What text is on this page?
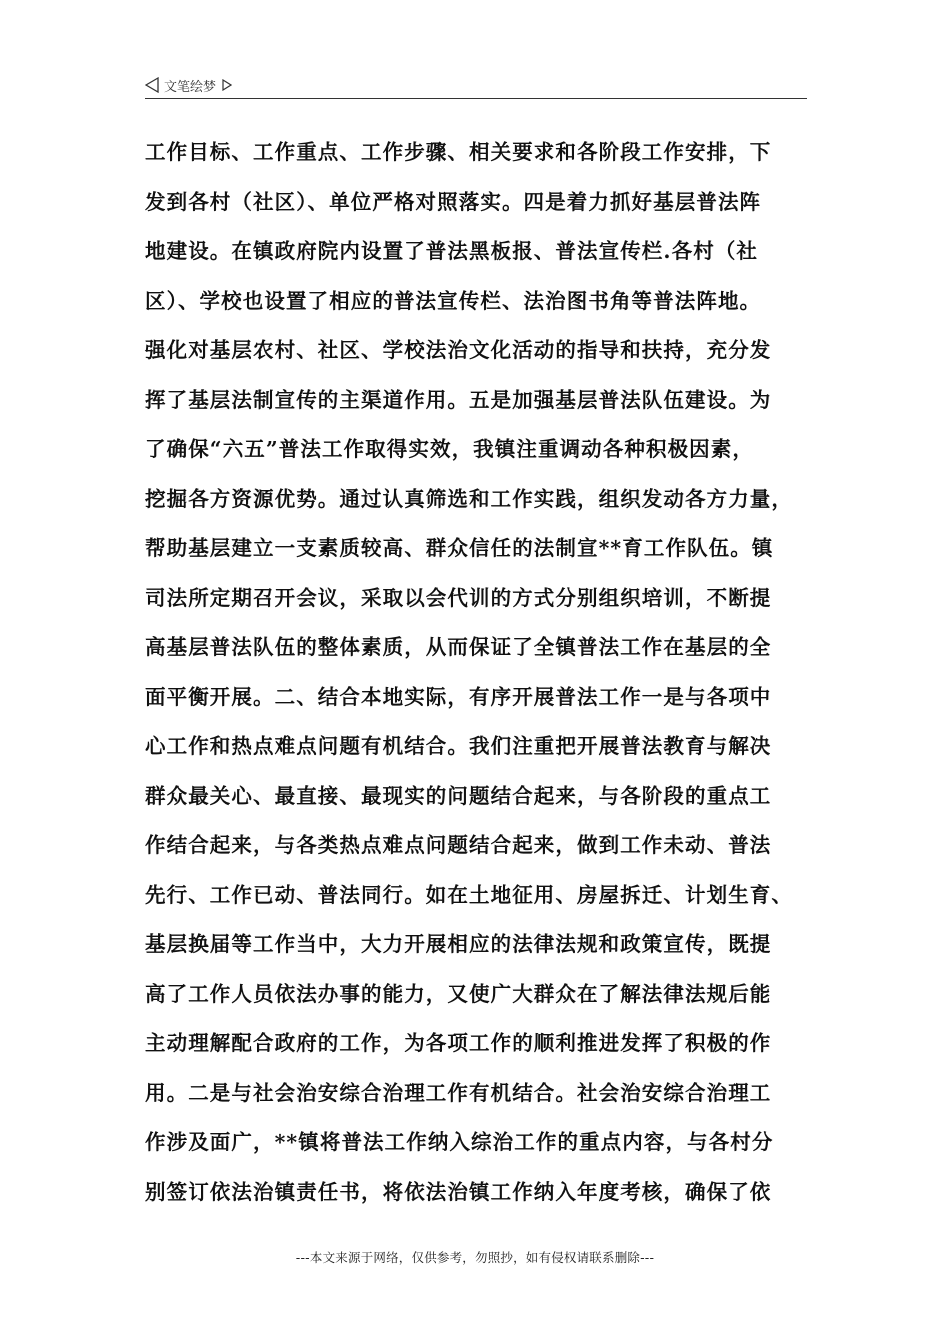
文笔绘梦
工作目标、工作重点、工作步骤、相关要求和各阶段工作安排，下
发到各村（社区）、单位严格对照落实。四是着力抓好基层普法阵
地建设。在镇政府院内设置了普法黑板报、普法宣传栏.各村（社
区）、学校也设置了相应的普法宣传栏、法治图书角等普法阵地。
强化对基层农村、社区、学校法治文化活动的指导和扶持，充分发
挥了基层法制宣传的主渠道作用。五是加强基层普法队伍建设。为
了确保“六五”普法工作取得实效，我镇注重调动各种积极因素，
挖掘各方资源优势。通过认真筛选和工作实践，组织发动各方力量，
帮助基层建立一支素质较高、群众信任的法制宣**育工作队伍。镇
司法所定期召开会议，采取以会代训的方式分别组织培训，不断提
高基层普法队伍的整体素质，从而保证了全镇普法工作在基层的全
面平衡开展。二、结合本地实际，有序开展普法工作一是与各项中
心工作和热点难点问题有机结合。我们注重把开展普法教育与解决
群众最关心、最直接、最现实的问题结合起来，与各阶段的重点工
作结合起来，与各类热点难点问题结合起来，做到工作未动、普法
先行、工作已动、普法同行。如在土地征用、房屋拆迁、计划生育、
基层换届等工作当中，大力开展相应的法律法规和政策宣传，既提
高了工作人员依法办事的能力，又使广大群众在了解法律法规后能
主动理解配合政府的工作，为各项工作的顺利推进发挥了积极的作
用。二是与社会治安综合治理工作有机结合。社会治安综合治理工
作涉及面广，**镇将普法工作纳入综治工作的重点内容，与各村分
别签订依法治镇责任书，将依法治镇工作纳入年度考核，确保了依
---本文来源于网络，仅供参考，勿照抄，如有侵权请联系删除---
